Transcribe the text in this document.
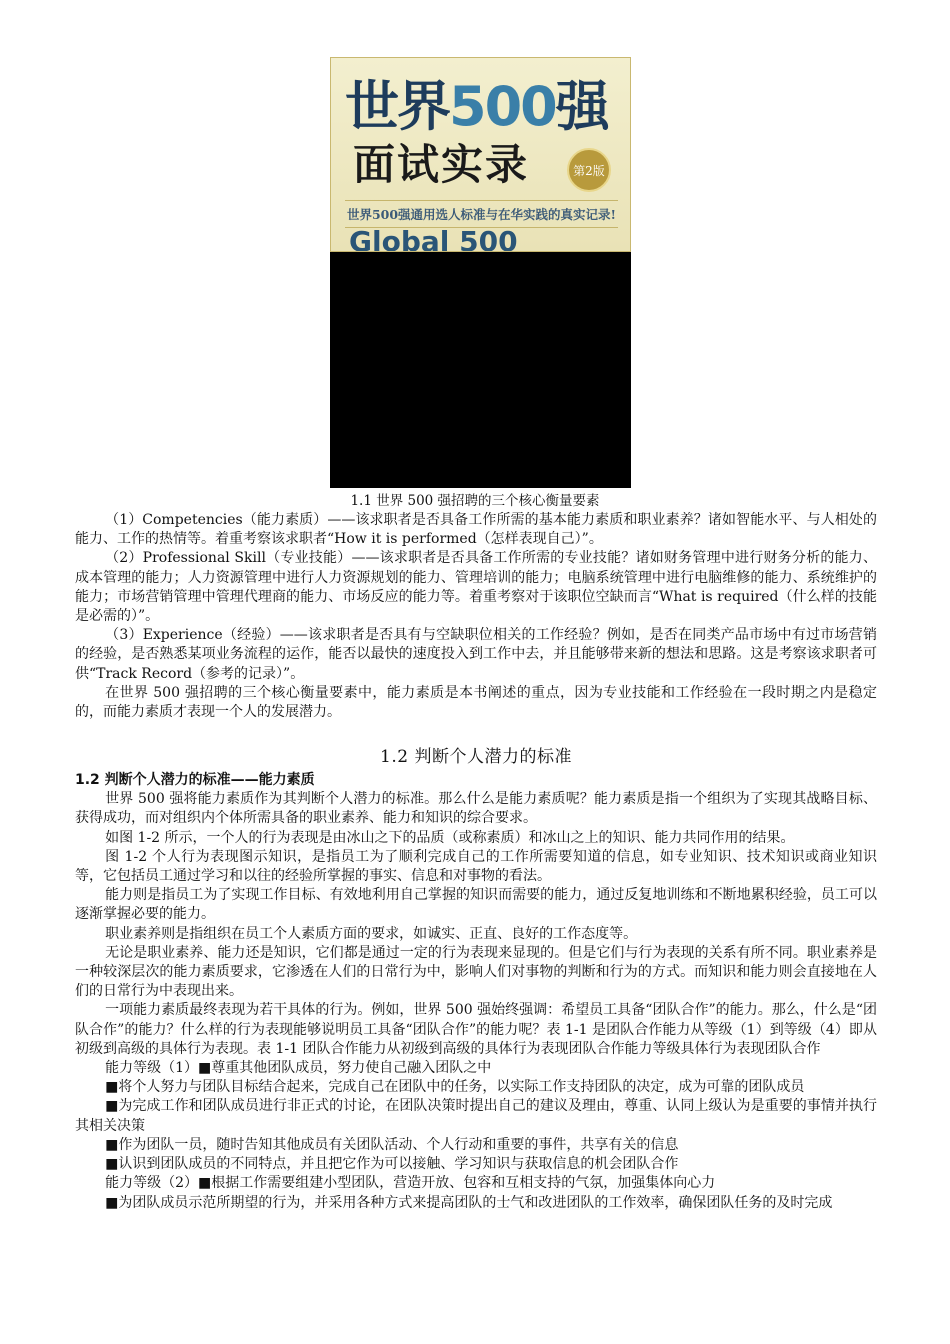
世界500强
面试实录	第2版
世界500强通用选人标准与在华实践的真实记录!
Global 500
1.1 世界 500 强招聘的三个核心衡量要素

（1）Competencies（能力素质）——该求职者是否具备工作所需的基本能力素质和职业素养？诸如智能水平、与人相处的能力、工作的热情等。着重考察该求职者“How it is performed（怎样表现自己）”。

（2）Professional Skill（专业技能）——该求职者是否具备工作所需的专业技能？诸如财务管理中进行财务分析的能力、成本管理的能力；人力资源管理中进行人力资源规划的能力、管理培训的能力；电脑系统管理中进行电脑维修的能力、系统维护的能力；市场营销管理中管理代理商的能力、市场反应的能力等。着重考察对于该职位空缺而言“What is required（什么样的技能是必需的）”。

（3）Experience（经验）——该求职者是否具有与空缺职位相关的工作经验？例如，是否在同类产品市场中有过市场营销的经验，是否熟悉某项业务流程的运作，能否以最快的速度投入到工作中去，并且能够带来新的想法和思路。这是考察该求职者可供“Track Record（参考的记录）”。

在世界 500 强招聘的三个核心衡量要素中，能力素质是本书阐述的重点，因为专业技能和工作经验在一段时期之内是稳定的，而能力素质才表现一个人的发展潜力。

1.2 判断个人潜力的标准
1.2 判断个人潜力的标准——能力素质

世界 500 强将能力素质作为其判断个人潜力的标准。那么什么是能力素质呢？能力素质是指一个组织为了实现其战略目标、获得成功，而对组织内个体所需具备的职业素养、能力和知识的综合要求。

如图 1-2 所示，一个人的行为表现是由冰山之下的品质（或称素质）和冰山之上的知识、能力共同作用的结果。

图 1-2 个人行为表现图示知识，是指员工为了顺利完成自己的工作所需要知道的信息，如专业知识、技术知识或商业知识等，它包括员工通过学习和以往的经验所掌握的事实、信息和对事物的看法。

能力则是指员工为了实现工作目标、有效地利用自己掌握的知识而需要的能力，通过反复地训练和不断地累积经验，员工可以逐渐掌握必要的能力。

职业素养则是指组织在员工个人素质方面的要求，如诚实、正直、良好的工作态度等。

无论是职业素养、能力还是知识，它们都是通过一定的行为表现来显现的。但是它们与行为表现的关系有所不同。职业素养是一种较深层次的能力素质要求，它渗透在人们的日常行为中，影响人们对事物的判断和行为的方式。而知识和能力则会直接地在人们的日常行为中表现出来。

一项能力素质最终表现为若干具体的行为。例如，世界 500 强始终强调：希望员工具备“团队合作”的能力。那么，什么是“团队合作”的能力？什么样的行为表现能够说明员工具备“团队合作”的能力呢？表 1-1 是团队合作能力从等级（1）到等级（4）即从初级到高级的具体行为表现。表 1-1 团队合作能力从初级到高级的具体行为表现团队合作能力等级具体行为表现团队合作

能力等级（1）■尊重其他团队成员，努力使自己融入团队之中

■将个人努力与团队目标结合起来，完成自己在团队中的任务，以实际工作支持团队的决定，成为可靠的团队成员

■为完成工作和团队成员进行非正式的讨论，在团队决策时提出自己的建议及理由，尊重、认同上级认为是重要的事情并执行其相关决策

■作为团队一员，随时告知其他成员有关团队活动、个人行动和重要的事件，共享有关的信息

■认识到团队成员的不同特点，并且把它作为可以接触、学习知识与获取信息的机会团队合作

能力等级（2）■根据工作需要组建小型团队，营造开放、包容和互相支持的气氛，加强集体向心力

■为团队成员示范所期望的行为，并采用各种方式来提高团队的士气和改进团队的工作效率，确保团队任务的及时完成
